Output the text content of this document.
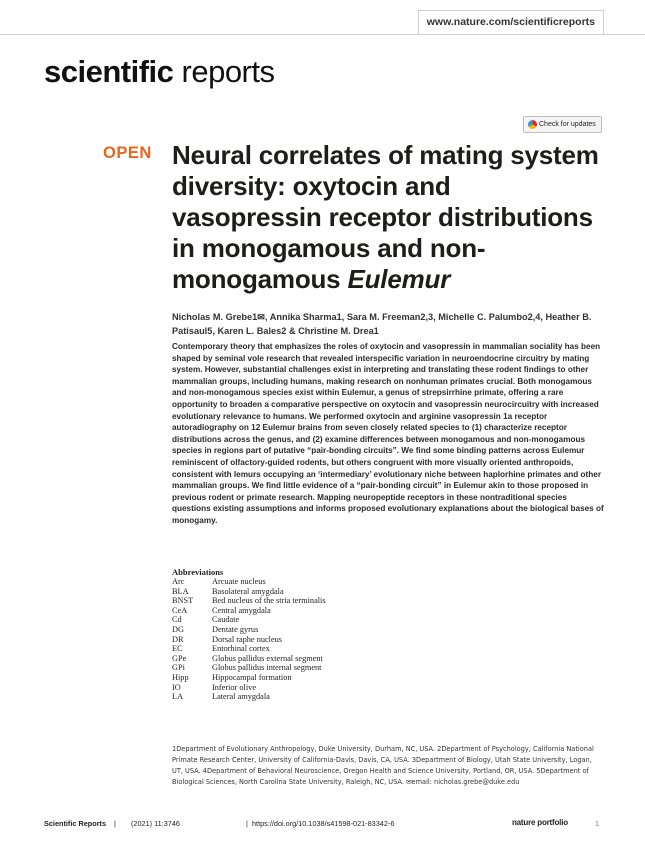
www.nature.com/scientificreports
scientific reports
Check for updates
OPEN Neural correlates of mating system diversity: oxytocin and vasopressin receptor distributions in monogamous and non-monogamous Eulemur
Nicholas M. Grebe1✉, Annika Sharma1, Sara M. Freeman2,3, Michelle C. Palumbo2,4, Heather B. Patisaul5, Karen L. Bales2 & Christine M. Drea1

Contemporary theory that emphasizes the roles of oxytocin and vasopressin in mammalian sociality has been shaped by seminal vole research that revealed interspecific variation in neuroendocrine circuitry by mating system. However, substantial challenges exist in interpreting and translating these rodent findings to other mammalian groups, including humans, making research on nonhuman primates crucial. Both monogamous and non-monogamous species exist within Eulemur, a genus of strepsirrhine primate, offering a rare opportunity to broaden a comparative perspective on oxytocin and vasopressin neurocircuitry with increased evolutionary relevance to humans. We performed oxytocin and arginine vasopressin 1a receptor autoradiography on 12 Eulemur brains from seven closely related species to (1) characterize receptor distributions across the genus, and (2) examine differences between monogamous and non-monogamous species in regions part of putative “pair-bonding circuits”. We find some binding patterns across Eulemur reminiscent of olfactory-guided rodents, but others congruent with more visually oriented anthropoids, consistent with lemurs occupying an ‘intermediary’ evolutionary niche between haplorhine primates and other mammalian groups. We find little evidence of a “pair-bonding circuit” in Eulemur akin to those proposed in previous rodent or primate research. Mapping neuropeptide receptors in these nontraditional species questions existing assumptions and informs proposed evolutionary explanations about the biological bases of monogamy.

Abbreviations
Arc	Arcuate nucleus
BLA	Basolateral amygdala
BNST	Bed nucleus of the stria terminalis
CeA	Central amygdala
Cd	Caudate
DG	Dentate gyrus
DR	Dorsal raphe nucleus
EC	Entorhinal cortex
GPe	Globus pallidus external segment
GPi	Globus pallidus internal segment
Hipp	Hippocampal formation
IO	Inferior olive
LA	Lateral amygdala
1Department of Evolutionary Anthropology, Duke University, Durham, NC, USA. 2Department of Psychology, California National Primate Research Center, University of California-Davis, Davis, CA, USA. 3Department of Biology, Utah State University, Logan, UT, USA. 4Department of Behavioral Neuroscience, Oregon Health and Science University, Portland, OR, USA. 5Department of Biological Sciences, North Carolina State University, Raleigh, NC, USA. ✉email: nicholas.grebe@duke.edu
Scientific Reports | (2021) 11:3746	| https://doi.org/10.1038/s41598-021-83342-6	nature portfolio	1
